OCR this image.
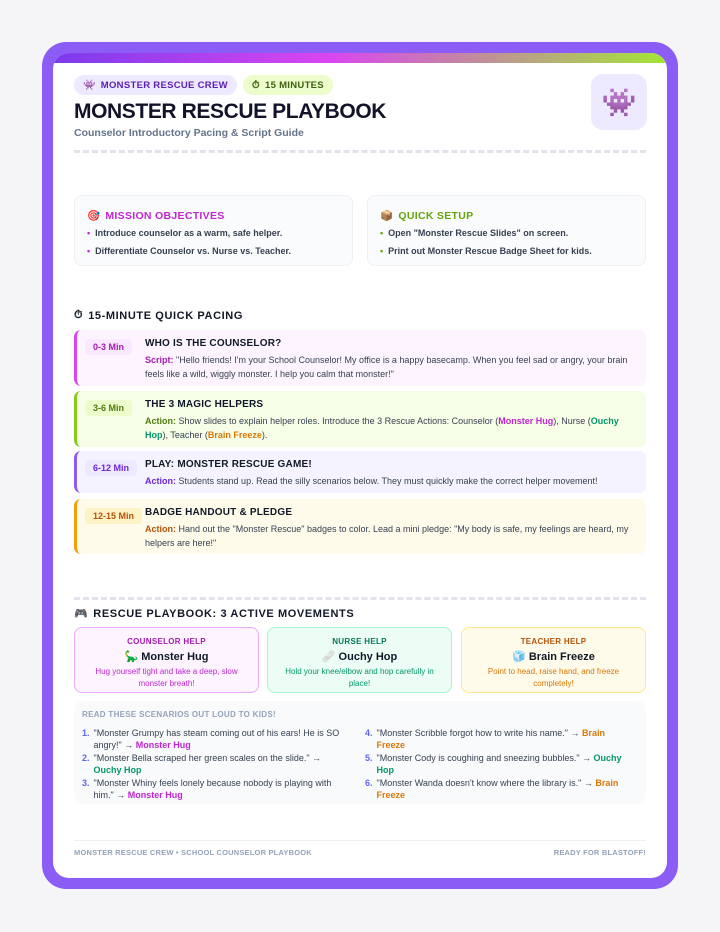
👾 MONSTER RESCUE CREW ⏱ 15 MINUTES
MONSTER RESCUE PLAYBOOK
Counselor Introductory Pacing & Script Guide
👾
🎯 MISSION OBJECTIVES
• Introduce counselor as a warm, safe helper.
• Differentiate Counselor vs. Nurse vs. Teacher.
📦 QUICK SETUP
• Open "Monster Rescue Slides" on screen.
• Print out Monster Rescue Badge Sheet for kids.
⏱ 15-MINUTE QUICK PACING
0-3 Min	WHO IS THE COUNSELOR?
Script: "Hello friends! I'm your School Counselor! My office is a happy basecamp. When you feel sad or angry, your brain feels like a wild, wiggly monster. I help you calm that monster!"
3-6 Min	THE 3 MAGIC HELPERS
Action: Show slides to explain helper roles. Introduce the 3 Rescue Actions: Counselor (Monster Hug), Nurse (Ouchy Hop), Teacher (Brain Freeze).
6-12 Min	PLAY: MONSTER RESCUE GAME!
Action: Students stand up. Read the silly scenarios below. They must quickly make the correct helper movement!
12-15 Min	BADGE HANDOUT & PLEDGE
Action: Hand out the "Monster Rescue" badges to color. Lead a mini pledge: "My body is safe, my feelings are heard, my helpers are here!"
🎮 RESCUE PLAYBOOK: 3 ACTIVE MOVEMENTS
COUNSELOR HELP
🦕 Monster Hug
Hug yourself tight and take a deep, slow monster breath!
NURSE HELP
🩹 Ouchy Hop
Hold your knee/elbow and hop carefully in place!
TEACHER HELP
🧊 Brain Freeze
Point to head, raise hand, and freeze completely!
READ THESE SCENARIOS OUT LOUD TO KIDS!
1. "Monster Grumpy has steam coming out of his ears! He is SO angry!" → Monster Hug
2. "Monster Bella scraped her green scales on the slide." → Ouchy Hop
3. "Monster Whiny feels lonely because nobody is playing with him." → Monster Hug
4. "Monster Scribble forgot how to write his name." → Brain Freeze
5. "Monster Cody is coughing and sneezing bubbles." → Ouchy Hop
6. "Monster Wanda doesn't know where the library is." → Brain Freeze
MONSTER RESCUE CREW • SCHOOL COUNSELOR PLAYBOOK	READY FOR BLASTOFF!
